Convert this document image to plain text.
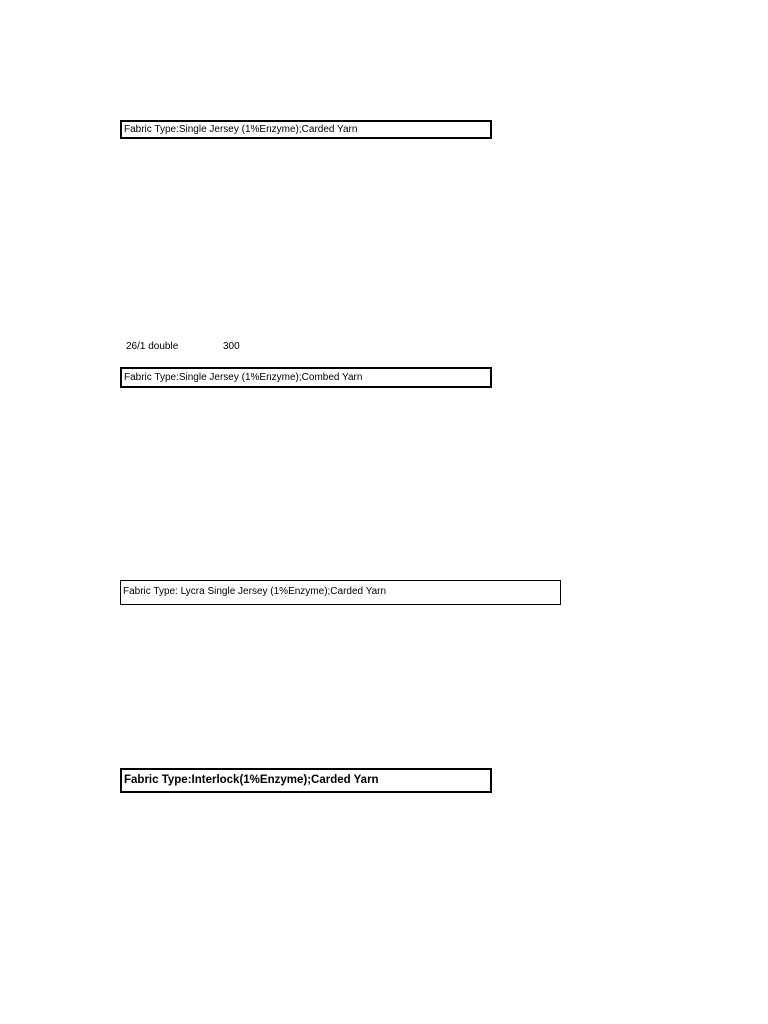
Fabric Type:Single Jersey (1%Enzyme);Carded Yarn

26/1 double	300
Fabric Type:Single Jersey (1%Enzyme);Combed Yarn

Fabric Type: Lycra Single Jersey (1%Enzyme);Carded Yarn

Fabric Type:Interlock(1%Enzyme);Carded Yarn
